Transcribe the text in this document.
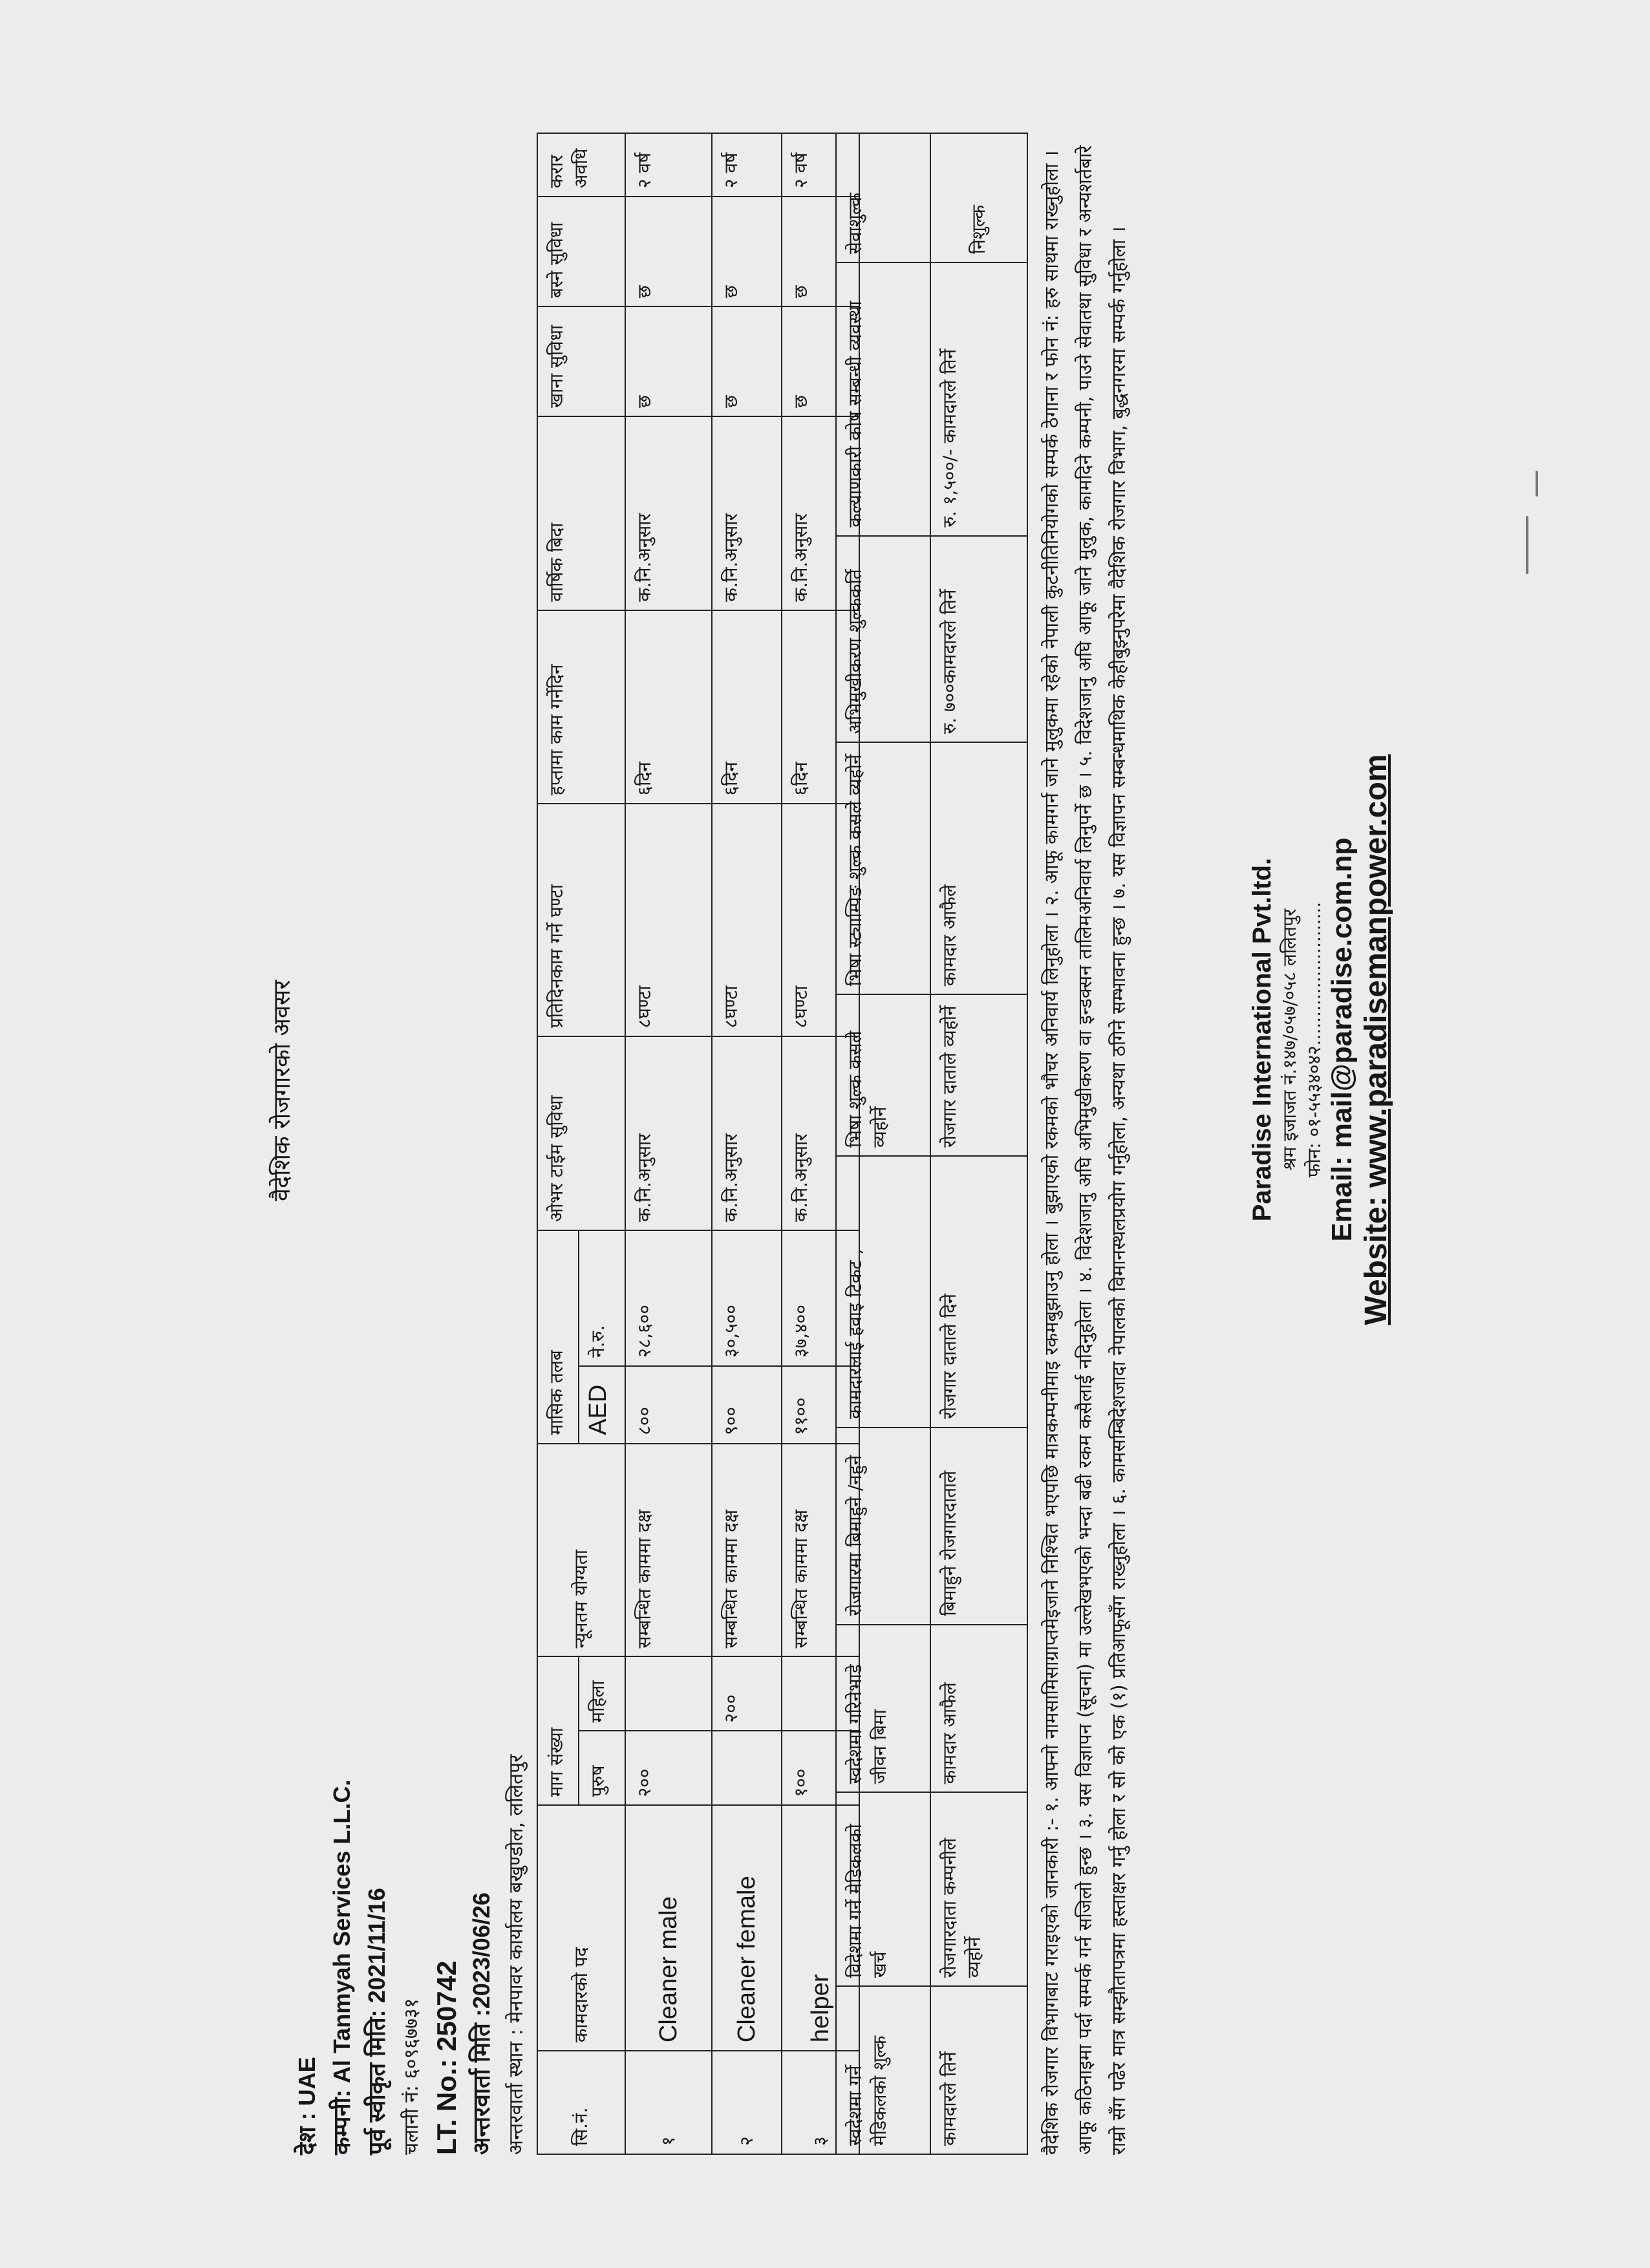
वैदेशिक रोजगारको अवसर
देश : UAE कम्पनी: Al Tanmyah Services L.L.C. पूर्व स्वीकृत मिति: 2021/11/16 चलानी नं: ६०९६७७३१ LT. No.: 250742 अन्तरवार्ता मिति :2023/06/26 अन्तरवार्ता स्थान : मेनपावर कार्यालय बखुण्डोल, ललितपुर	सि.नं.	कामदारको पद	माग संख्या		न्यूनतम योग्यता	मासिक तलब		ओभर टाईम सुविधा	प्रतिदिनकाम गर्ने घण्टा	हप्तामा काम गर्नेदिन	वार्षिक बिदा	खाना सुविधा	बस्ने सुविधा	करार अवधि
		पुरुष	महिला		AED	ने.रु.							
१	Cleaner male	२००		सम्बन्धित काममा दक्ष	८००	२८,६००	क.नि.अनुसार	८घण्टा	६दिन	क.नि.अनुसार	छ	छ	२ वर्ष
२	Cleaner female		२००	सम्बन्धित काममा दक्ष	९००	३०,५००	क.नि.अनुसार	८घण्टा	६दिन	क.नि.अनुसार	छ	छ	२ वर्ष
३	helper	१००		सम्बन्धित काममा दक्ष	११००	३७,४००	क.नि.अनुसार	८घण्टा	६दिन	क.नि.अनुसार	छ	छ	२ वर्ष
स्वदेशमा गर्ने मेडिकलको शुल्क	विदेशमा गर्ने मेडिकलको खर्च	स्वदेशमा गरिनेभाडे जीवन बिमा	रोजगारमा बिमाहुने /नहुने	कामदारलाई हवाइ टिकट ,	भिषा शुल्क कसले व्यहोर्ने	भिषा स्ट्याम्पिङ शुल्क कसले व्यहोर्ने	अभिमुखीकरण शुल्ककर्ति	कल्याणकारी कोष सम्बन्धी व्यवस्था	सेवाशुल्क
कामदारले तिर्ने	रोजगारदाता कम्पनीले व्यहोर्ने	कामदार आफैले	बिमाहुने रोजगारदाताले	रोजगार दाताले दिने	रोजगार दाताले व्यहोर्ने	कामदार आफैले	रु. ७००कामदारले तिर्ने	रु. १,५००/- कामदारले तिर्ने	निशुल्क	वैदेशिक रोजगार विभागबाट गराइएको जानकारी :- १. आफ्नो नामसामिसाग्राप्तमेइजाने निश्चित भएपछि मात्रकम्पनीमाइ रकमबुझाउनु होला । बुझाएको रकमको भौचर अनिवार्य लिनुहोला । २. आफू कामगर्न जाने मुलुकमा रहेको नेपाली कुटनीतिनियोगको सम्पर्क ठेगाना र फोन नं: हरु साथमा राख्नुहोला । आफू कठिनाइमा पर्दा सम्पर्क गर्न सजिलो हुन्छ । ३. यस विज्ञापन (सूचना) मा उल्लेखभएको भन्दा बढी रकम कसैलाई नदिनुहोला । ४. विदेशजानु अघि अभिमुखीकरण वा इन्डक्सन तालिमअनिवार्य लिनुपर्ने छ । ५. विदेशजानु अघि आफू जाने मुलुक, कामदिने कम्पनी, पाउने सेवातथा सुविधा र अन्यशर्तबारे राम्रो सँग पढेर मात्र सम्झौतापत्रमा हस्ताक्षर गर्नु होला र सो को एक (१) प्रतिआफूसँग राख्नुहोला । ६. कामसम्बिदेशजादा नेपालको विमानस्थलप्रयोग गर्नुहोला, अन्यथा ठगिने सम्भावना हुन्छ । ७. यस विज्ञापन सम्बन्धमाथिक केहीबुझ्नुपरेमा वैदेशिक रोजगार विभाग, बुद्धनगरमा सम्पर्क गर्नुहोला ।	Paradise International Pvt.ltd. श्रम इजाजत नं.१४७/०५७/०५८ ललितपुर फोन: ०१-५५३४०४२......................... Email: mail@paradise.com.np Website: www.paradisemanpower.com
